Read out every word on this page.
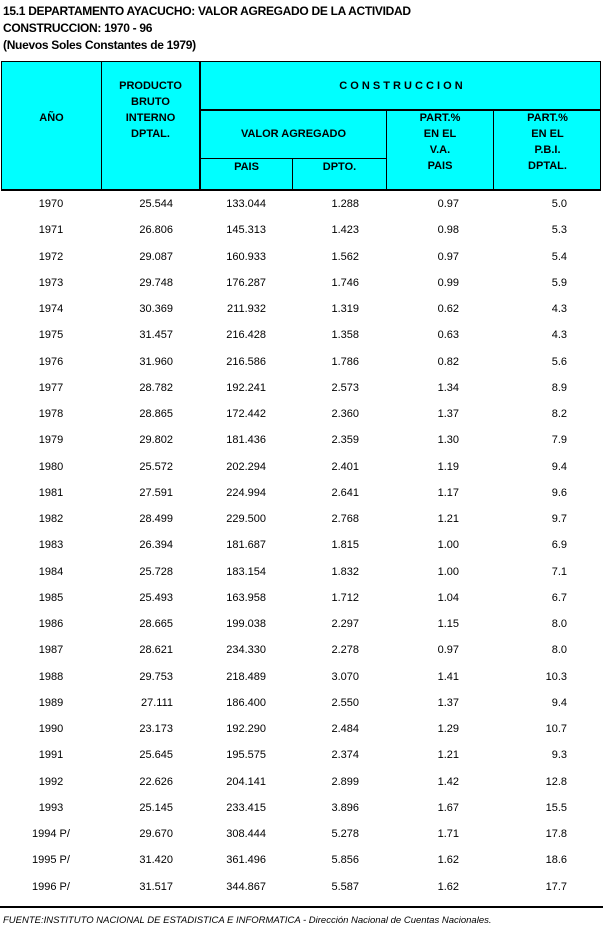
15.1 DEPARTAMENTO AYACUCHO: VALOR AGREGADO DE LA ACTIVIDAD
CONSTRUCCION: 1970 - 96
(Nuevos Soles Constantes de 1979)
AÑO
PRODUCTO
BRUTO
INTERNO
DPTAL.
C O N S T R U C C I O N
VALOR AGREGADO
PAIS	DPTO.
PART.%
EN EL
V.A.
PAIS
PART.%
EN EL
P.B.I.
DPTAL.
1970	25.544	133.044	1.288	0.97	5.0
1971	26.806	145.313	1.423	0.98	5.3
1972	29.087	160.933	1.562	0.97	5.4
1973	29.748	176.287	1.746	0.99	5.9
1974	30.369	211.932	1.319	0.62	4.3
1975	31.457	216.428	1.358	0.63	4.3
1976	31.960	216.586	1.786	0.82	5.6
1977	28.782	192.241	2.573	1.34	8.9
1978	28.865	172.442	2.360	1.37	8.2
1979	29.802	181.436	2.359	1.30	7.9
1980	25.572	202.294	2.401	1.19	9.4
1981	27.591	224.994	2.641	1.17	9.6
1982	28.499	229.500	2.768	1.21	9.7
1983	26.394	181.687	1.815	1.00	6.9
1984	25.728	183.154	1.832	1.00	7.1
1985	25.493	163.958	1.712	1.04	6.7
1986	28.665	199.038	2.297	1.15	8.0
1987	28.621	234.330	2.278	0.97	8.0
1988	29.753	218.489	3.070	1.41	10.3
1989	27.111	186.400	2.550	1.37	9.4
1990	23.173	192.290	2.484	1.29	10.7
1991	25.645	195.575	2.374	1.21	9.3
1992	22.626	204.141	2.899	1.42	12.8
1993	25.145	233.415	3.896	1.67	15.5
1994 P/	29.670	308.444	5.278	1.71	17.8
1995 P/	31.420	361.496	5.856	1.62	18.6
1996 P/	31.517	344.867	5.587	1.62	17.7
FUENTE:INSTITUTO NACIONAL DE ESTADISTICA E INFORMATICA - Dirección Nacional de Cuentas Nacionales.
